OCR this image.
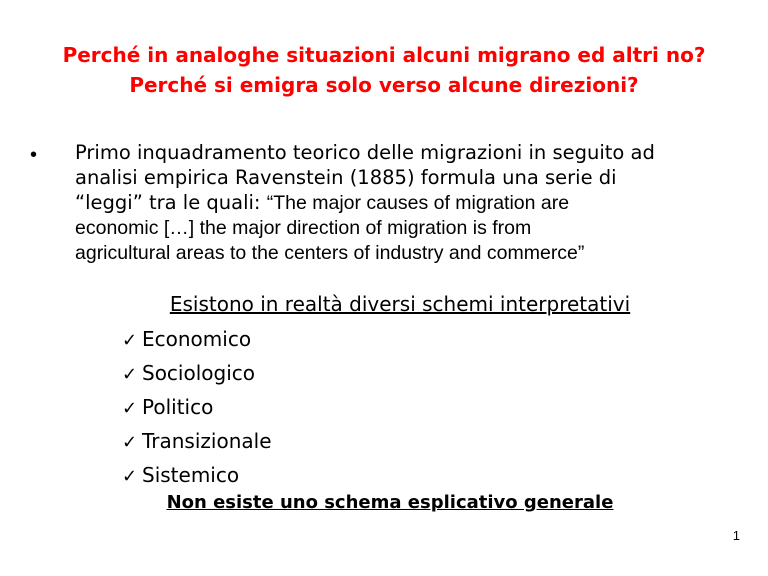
Perché in analoghe situazioni alcuni migrano ed altri no?
Perché si emigra solo verso alcune direzioni?
• Primo inquadramento teorico delle migrazioni in seguito ad
analisi empirica Ravenstein (1885) formula una serie di
“leggi” tra le quali: “The major causes of migration are
economic […] the major direction of migration is from
agricultural areas to the centers of industry and commerce”
Esistono in realtà diversi schemi interpretativi
✓ Economico
✓ Sociologico
✓ Politico
✓ Transizionale
✓ Sistemico
Non esiste uno schema esplicativo generale
1
